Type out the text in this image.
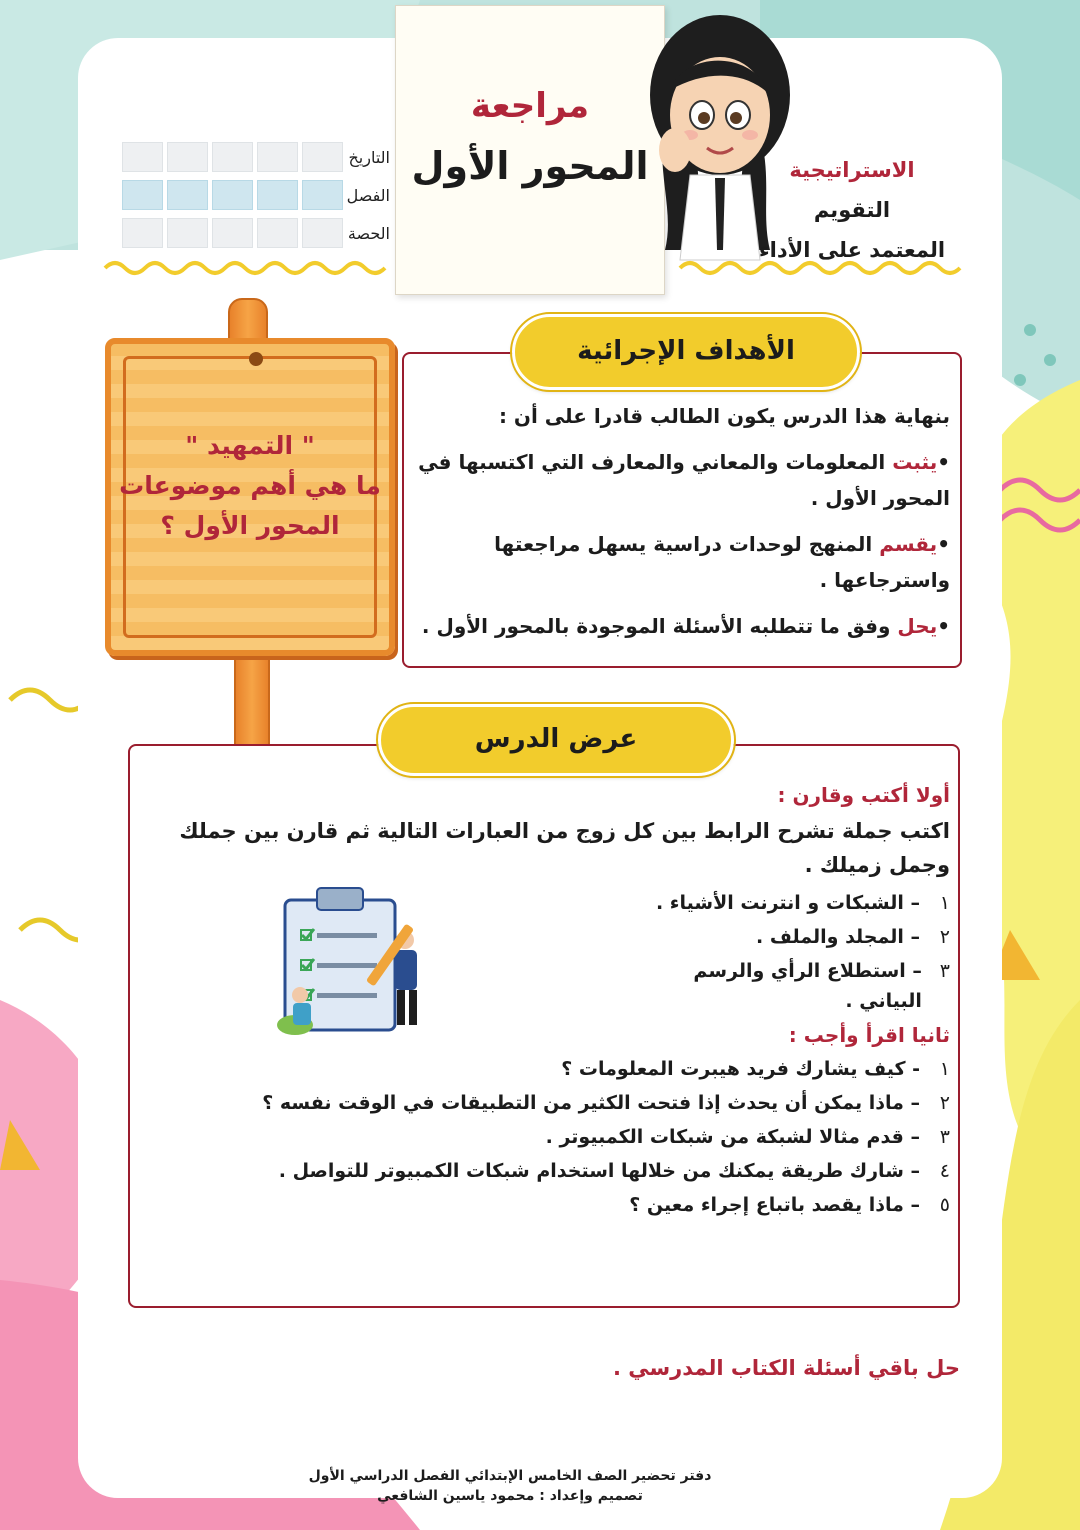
مراجعة
المحور الأول
التاريخ
الفصل
الحصة
الاستراتيجية
التقويم
المعتمد على الأداء
" التمهيد "
ما هي أهم موضوعات
المحور الأول ؟
الأهداف الإجرائية

بنهاية هذا الدرس يكون الطالب قادرا على أن :

•يثبت المعلومات والمعاني والمعارف التي اكتسبها في المحور الأول .

•يقسم المنهج لوحدات دراسية يسهل مراجعتها واسترجاعها .

•يحل وفق ما تتطلبه الأسئلة الموجودة بالمحور الأول .

عرض الدرس
أولا أكتب وقارن :
اكتب جملة تشرح الرابط بين كل زوج من العبارات التالية ثم قارن بين جملك وجمل زميلك .
١
– الشبكات و انترنت الأشياء .
٢
– المجلد والملف .
٣
– استطلاع الرأي والرسم البياني .
ثانيا اقرأ وأجب :
١
- كيف يشارك فريد هيبرت المعلومات ؟
٢
– ماذا يمكن أن يحدث إذا فتحت الكثير من التطبيقات في الوقت نفسه ؟
٣
– قدم مثالا لشبكة من شبكات الكمبيوتر .
٤
– شارك طريقة يمكنك من خلالها استخدام شبكات الكمبيوتر للتواصل .
٥
– ماذا يقصد باتباع إجراء معين ؟
حل باقي أسئلة الكتاب المدرسي .
دفتر تحضير الصف الخامس الإبتدائي الفصل الدراسي الأول
تصميم وإعداد : محمود ياسين الشافعي
